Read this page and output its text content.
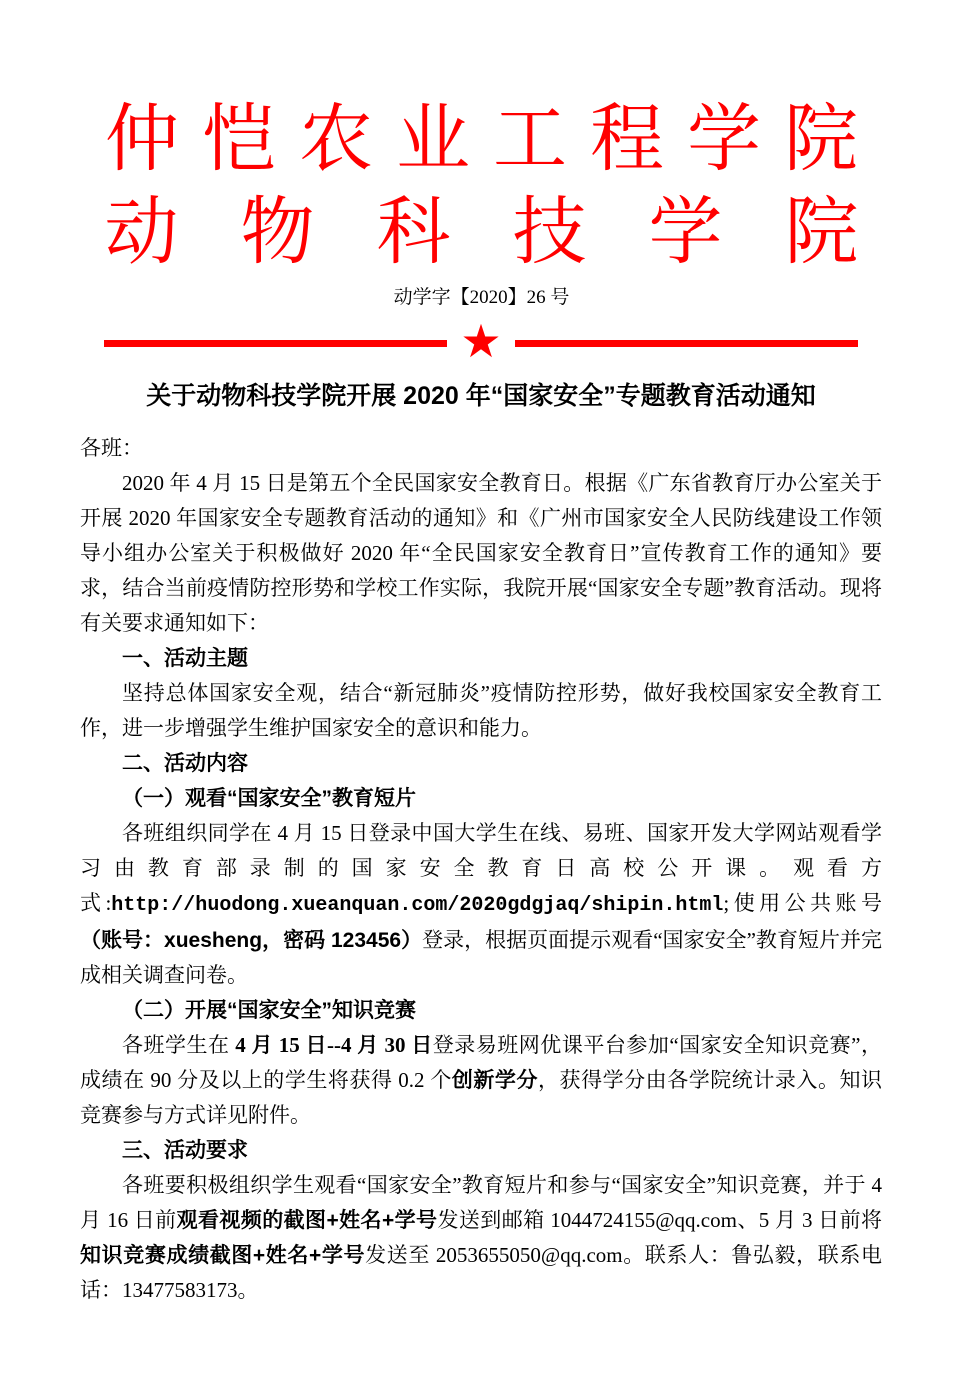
仲恺农业工程学院
动物科技学院
动学字【2020】26 号
★
关于动物科技学院开展 2020 年“国家安全”专题教育活动通知

各班：

2020 年 4 月 15 日是第五个全民国家安全教育日。根据《广东省教育厅办公室关于开展 2020 年国家安全专题教育活动的通知》和《广州市国家安全人民防线建设工作领导小组办公室关于积极做好 2020 年“全民国家安全教育日”宣传教育工作的通知》要求，结合当前疫情防控形势和学校工作实际，我院开展“国家安全专题”教育活动。现将有关要求通知如下：

一、活动主题

坚持总体国家安全观，结合“新冠肺炎”疫情防控形势，做好我校国家安全教育工作，进一步增强学生维护国家安全的意识和能力。

二、活动内容

（一）观看“国家安全”教育短片

各班组织同学在 4 月 15 日登录中国大学生在线、易班、国家开发大学网站观看学习由教育部录制的国家安全教育日高校公开课。观看方式:http://huodong.xueanquan.com/2020gdgjaq/shipin.html;使用公共账号（账号：xuesheng，密码 123456）登录，根据页面提示观看“国家安全”教育短片并完成相关调查问卷。

（二）开展“国家安全”知识竞赛

各班学生在 4 月 15 日--4 月 30 日登录易班网优课平台参加“国家安全知识竞赛”，成绩在 90 分及以上的学生将获得 0.2 个创新学分，获得学分由各学院统计录入。知识竞赛参与方式详见附件。

三、活动要求

各班要积极组织学生观看“国家安全”教育短片和参与“国家安全”知识竞赛，并于 4 月 16 日前观看视频的截图+姓名+学号发送到邮箱 1044724155@qq.com、5 月 3 日前将知识竞赛成绩截图+姓名+学号发送至 2053655050@qq.com。联系人：鲁弘毅，联系电话：13477583173。
